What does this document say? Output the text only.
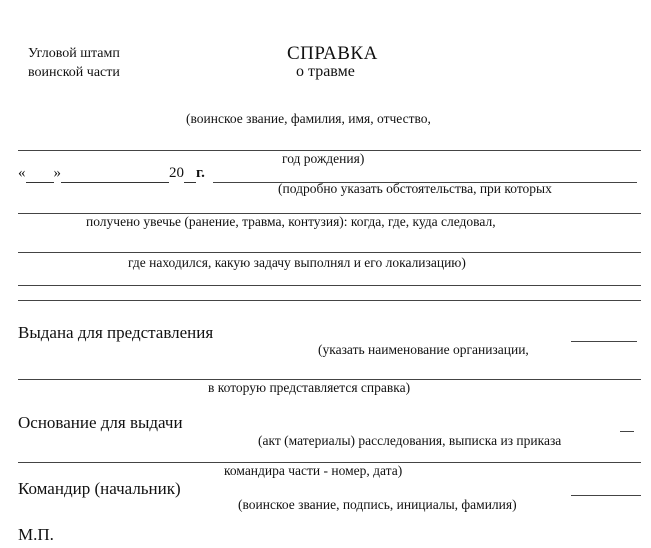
Угловой штамп
воинской части
СПРАВКА
о травме
(воинское звание, фамилия, имя, отчество,
год рождения)
« »	20 г.
(подробно указать обстоятельства, при которых
получено увечье (ранение, травма, контузия): когда, где, куда следовал,
где находился, какую задачу выполнял и его локализацию)
Выдана для представления
(указать наименование организации,
в которую представляется справка)
Основание для выдачи
(акт (материалы) расследования, выписка из приказа
командира части - номер, дата)
Командир (начальник)
(воинское звание, подпись, инициалы, фамилия)
М.П.
